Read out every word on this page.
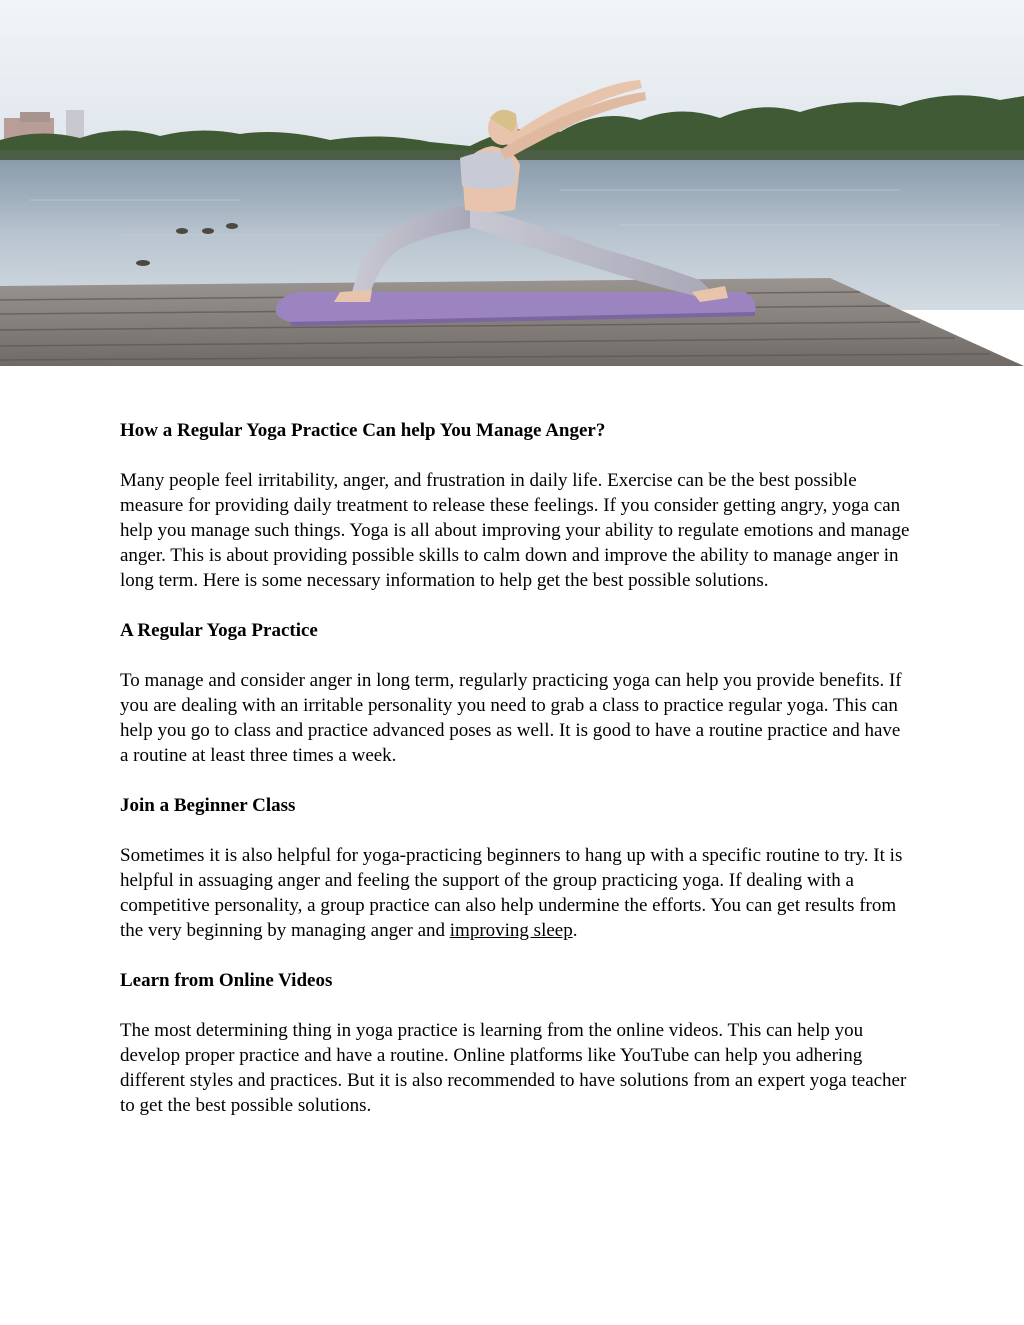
How a Regular Yoga Practice Can help You Manage Anger?

Many people feel irritability, anger, and frustration in daily life. Exercise can be the best possible measure for providing daily treatment to release these feelings. If you consider getting angry, yoga can help you manage such things. Yoga is all about improving your ability to regulate emotions and manage anger. This is about providing possible skills to calm down and improve the ability to manage anger in long term. Here is some necessary information to help get the best possible solutions.

A Regular Yoga Practice

To manage and consider anger in long term, regularly practicing yoga can help you provide benefits. If you are dealing with an irritable personality you need to grab a class to practice regular yoga. This can help you go to class and practice advanced poses as well. It is good to have a routine practice and have a routine at least three times a week.

Join a Beginner Class

Sometimes it is also helpful for yoga-practicing beginners to hang up with a specific routine to try. It is helpful in assuaging anger and feeling the support of the group practicing yoga. If dealing with a competitive personality, a group practice can also help undermine the efforts. You can get results from the very beginning by managing anger and improving sleep.

Learn from Online Videos

The most determining thing in yoga practice is learning from the online videos. This can help you develop proper practice and have a routine. Online platforms like YouTube can help you adhering different styles and practices. But it is also recommended to have solutions from an expert yoga teacher to get the best possible solutions.
